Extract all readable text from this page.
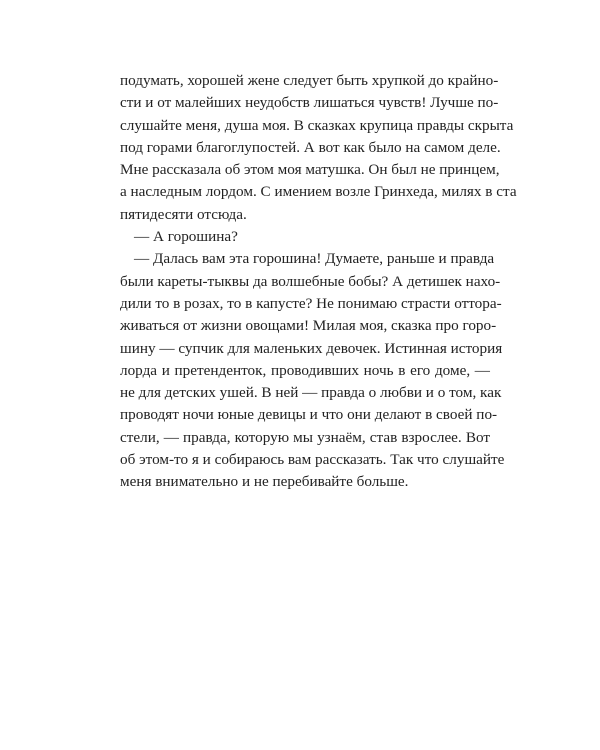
подумать, хорошей жене следует быть хрупкой до крайно-
сти и от малейших неудобств лишаться чувств! Лучше по-
слушайте меня, душа моя. В сказках крупица правды скрыта
под горами благоглупостей. А вот как было на самом деле.
Мне рассказала об этом моя матушка. Он был не принцем,
а наследным лордом. С имением возле Гринхеда, милях в ста
пятидесяти отсюда.
— А горошина?
— Далась вам эта горошина! Думаете, раньше и правда
были кареты-тыквы да волшебные бобы? А детишек нахо-
дили то в розах, то в капусте? Не понимаю страсти оттора-
живаться от жизни овощами! Милая моя, сказка про горо-
шину — супчик для маленьких девочек. Истинная история
лорда и претенденток, проводивших ночь в его доме, —
не для детских ушей. В ней — правда о любви и о том, как
проводят ночи юные девицы и что они делают в своей по-
стели, — правда, которую мы узнаём, став взрослее. Вот
об этом-то я и собираюсь вам рассказать. Так что слушайте
меня внимательно и не перебивайте больше.
